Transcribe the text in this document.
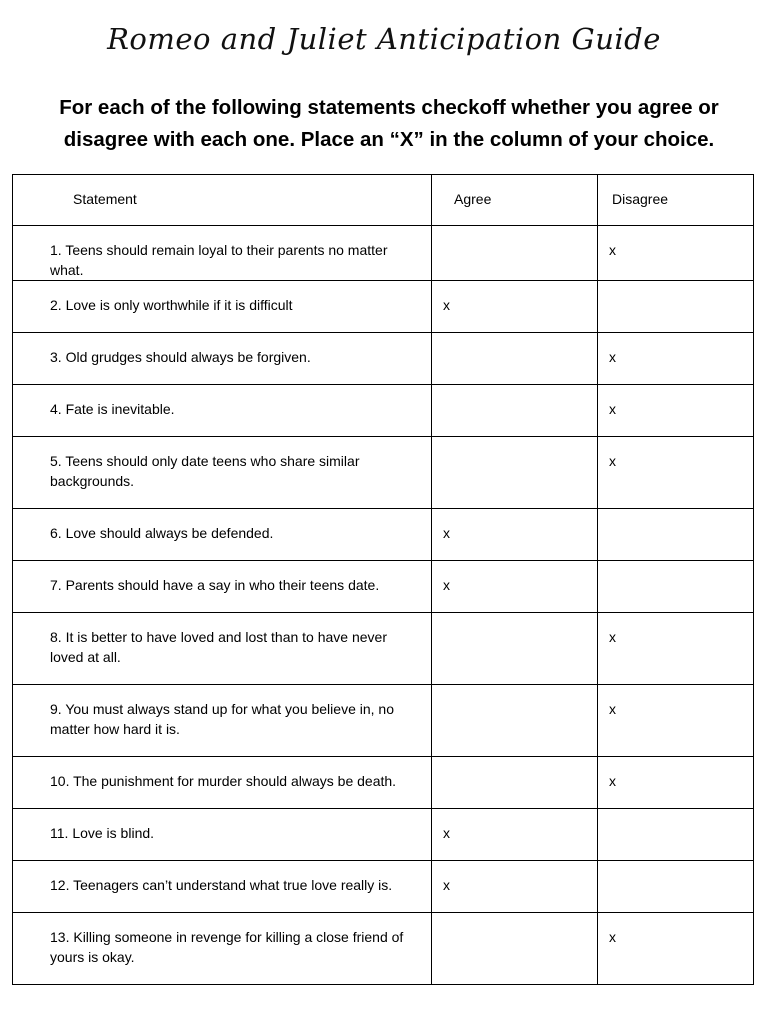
Romeo and Juliet Anticipation Guide
For each of the following statements checkoff whether you agree or disagree with each one. Place an “X” in the column of your choice.
Statement	Agree	Disagree
1. Teens should remain loyal to their parents no matter what.		x
2. Love is only worthwhile if it is difficult	x	
3. Old grudges should always be forgiven.		x
4. Fate is inevitable.		x
5. Teens should only date teens who share similar backgrounds.		x
6. Love should always be defended.	x	
7. Parents should have a say in who their teens date.	x	
8. It is better to have loved and lost than to have never loved at all.		x
9. You must always stand up for what you believe in, no matter how hard it is.		x
10. The punishment for murder should always be death.		x
11. Love is blind.	x	
12. Teenagers can’t understand what true love really is.	x	
13. Killing someone in revenge for killing a close friend of yours is okay.		x
